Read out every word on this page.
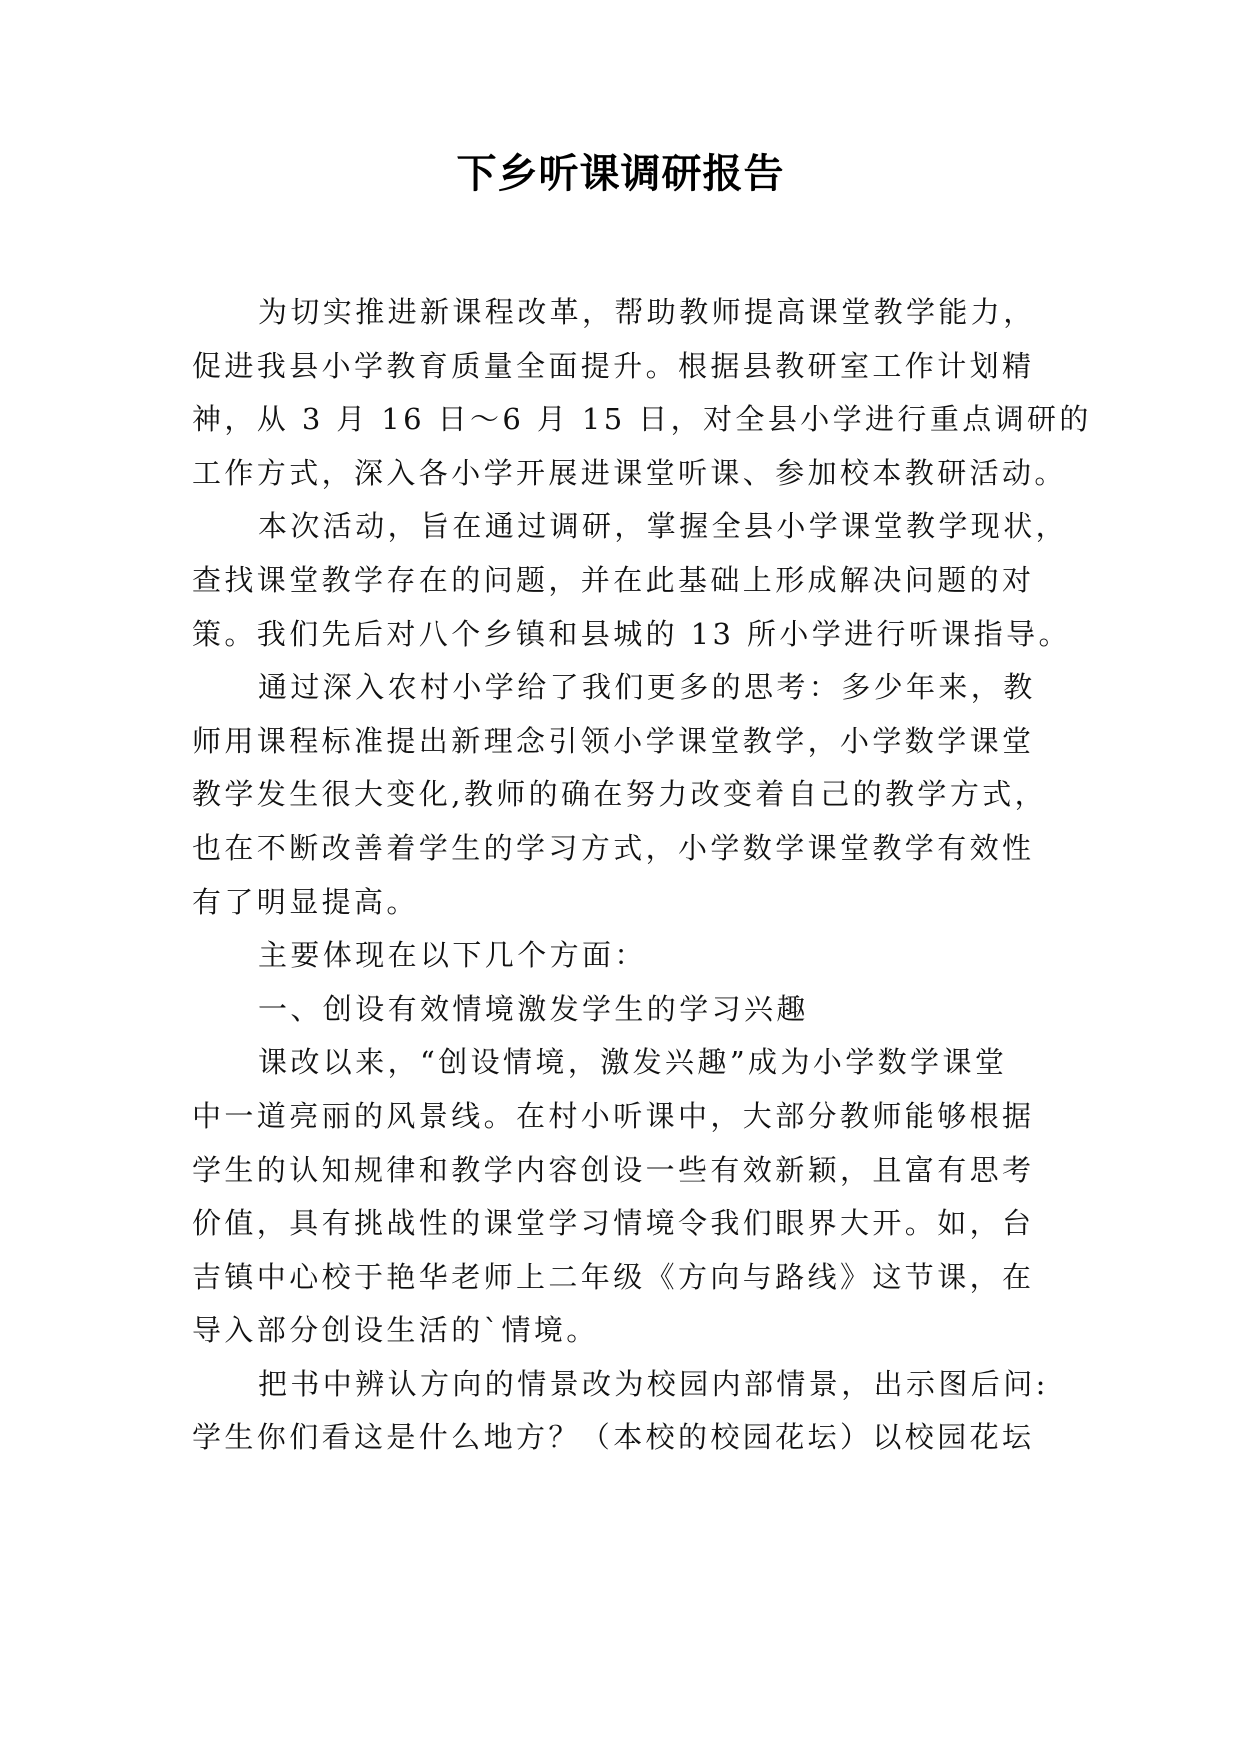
下乡听课调研报告
为切实推进新课程改革，帮助教师提高课堂教学能力，
促进我县小学教育质量全面提升。根据县教研室工作计划精
神，从 3 月 16 日～6 月 15 日，对全县小学进行重点调研的
工作方式，深入各小学开展进课堂听课、参加校本教研活动。
本次活动，旨在通过调研，掌握全县小学课堂教学现状，
查找课堂教学存在的问题，并在此基础上形成解决问题的对
策。我们先后对八个乡镇和县城的 13 所小学进行听课指导。
通过深入农村小学给了我们更多的思考：多少年来，教
师用课程标准提出新理念引领小学课堂教学，小学数学课堂
教学发生很大变化,教师的确在努力改变着自己的教学方式，
也在不断改善着学生的学习方式，小学数学课堂教学有效性
有了明显提高。
主要体现在以下几个方面：
一、创设有效情境激发学生的学习兴趣
课改以来，“创设情境，激发兴趣”成为小学数学课堂
中一道亮丽的风景线。在村小听课中，大部分教师能够根据
学生的认知规律和教学内容创设一些有效新颖，且富有思考
价值，具有挑战性的课堂学习情境令我们眼界大开。如，台
吉镇中心校于艳华老师上二年级《方向与路线》这节课，在
导入部分创设生活的`情境。
把书中辨认方向的情景改为校园内部情景，出示图后问:
学生你们看这是什么地方？（本校的校园花坛）以校园花坛
